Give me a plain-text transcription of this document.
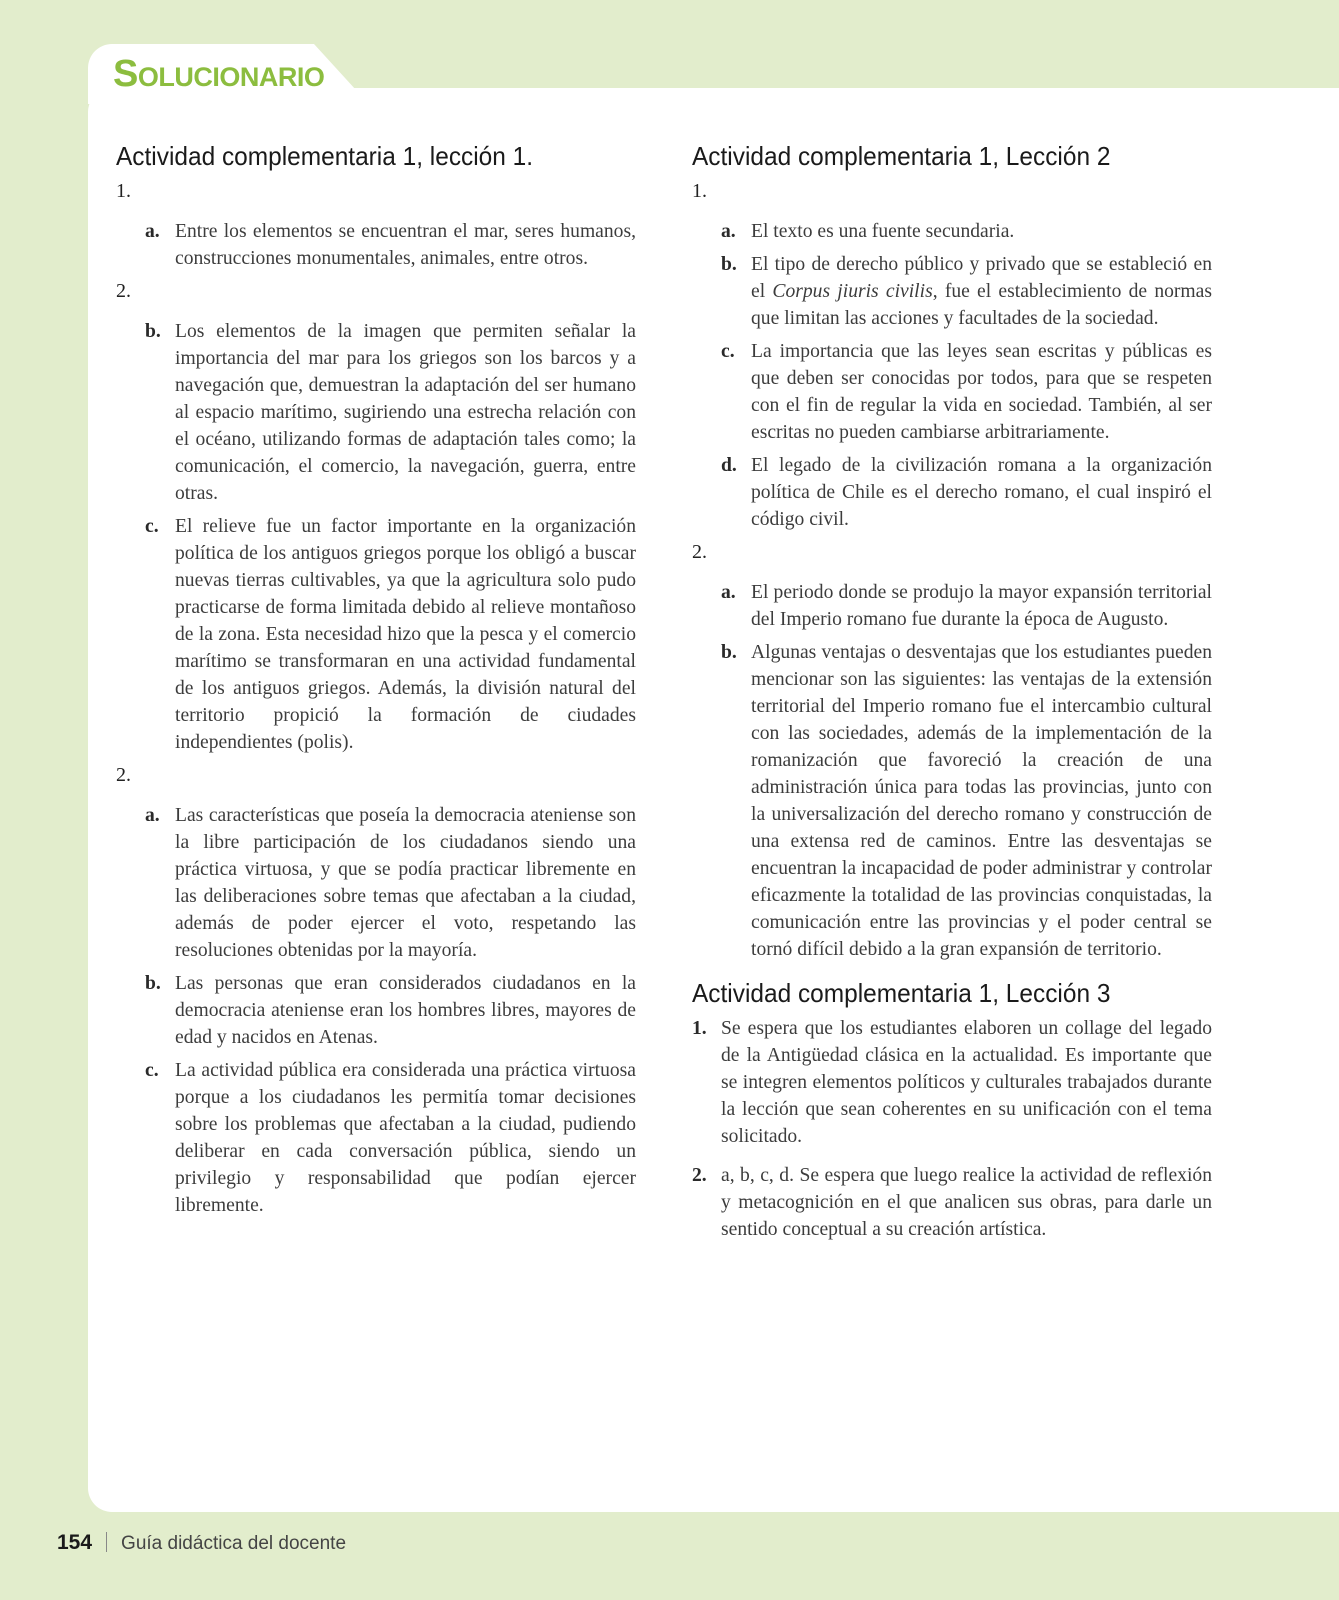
SOLUCIONARIO
Actividad complementaria 1, lección 1.
1.
a. Entre los elementos se encuentran el mar, seres humanos, construcciones monumentales, animales, entre otros.
2.
b. Los elementos de la imagen que permiten señalar la importancia del mar para los griegos son los barcos y a navegación que, demuestran la adaptación del ser humano al espacio marítimo, sugiriendo una estrecha relación con el océano, utilizando formas de adaptación tales como; la comunicación, el comercio, la navegación, guerra, entre otras.
c. El relieve fue un factor importante en la organización política de los antiguos griegos porque los obligó a buscar nuevas tierras cultivables, ya que la agricultura solo pudo practicarse de forma limitada debido al relieve montañoso de la zona. Esta necesidad hizo que la pesca y el comercio marítimo se transformaran en una actividad fundamental de los antiguos griegos. Además, la división natural del territorio propició la formación de ciudades independientes (polis).
2.
a. Las características que poseía la democracia ateniense son la libre participación de los ciudadanos siendo una práctica virtuosa, y que se podía practicar libremente en las deliberaciones sobre temas que afectaban a la ciudad, además de poder ejercer el voto, respetando las resoluciones obtenidas por la mayoría.
b. Las personas que eran considerados ciudadanos en la democracia ateniense eran los hombres libres, mayores de edad y nacidos en Atenas.
c. La actividad pública era considerada una práctica virtuosa porque a los ciudadanos les permitía tomar decisiones sobre los problemas que afectaban a la ciudad, pudiendo deliberar en cada conversación pública, siendo un privilegio y responsabilidad que podían ejercer libremente.
Actividad complementaria 1, Lección 2
1.
a. El texto es una fuente secundaria.
b. El tipo de derecho público y privado que se estableció en el Corpus jiuris civilis, fue el establecimiento de normas que limitan las acciones y facultades de la sociedad.
c. La importancia que las leyes sean escritas y públicas es que deben ser conocidas por todos, para que se respeten con el fin de regular la vida en sociedad. También, al ser escritas no pueden cambiarse arbitrariamente.
d. El legado de la civilización romana a la organización política de Chile es el derecho romano, el cual inspiró el código civil.
2.
a. El periodo donde se produjo la mayor expansión territorial del Imperio romano fue durante la época de Augusto.
b. Algunas ventajas o desventajas que los estudiantes pueden mencionar son las siguientes: las ventajas de la extensión territorial del Imperio romano fue el intercambio cultural con las sociedades, además de la implementación de la romanización que favoreció la creación de una administración única para todas las provincias, junto con la universalización del derecho romano y construcción de una extensa red de caminos. Entre las desventajas se encuentran la incapacidad de poder administrar y controlar eficazmente la totalidad de las provincias conquistadas, la comunicación entre las provincias y el poder central se tornó difícil debido a la gran expansión de territorio.
Actividad complementaria 1, Lección 3
1. Se espera que los estudiantes elaboren un collage del legado de la Antigüedad clásica en la actualidad. Es importante que se integren elementos políticos y culturales trabajados durante la lección que sean coherentes en su unificación con el tema solicitado.
2. a, b, c, d. Se espera que luego realice la actividad de reflexión y metacognición en el que analicen sus obras, para darle un sentido conceptual a su creación artística.
154 Guía didáctica del docente
